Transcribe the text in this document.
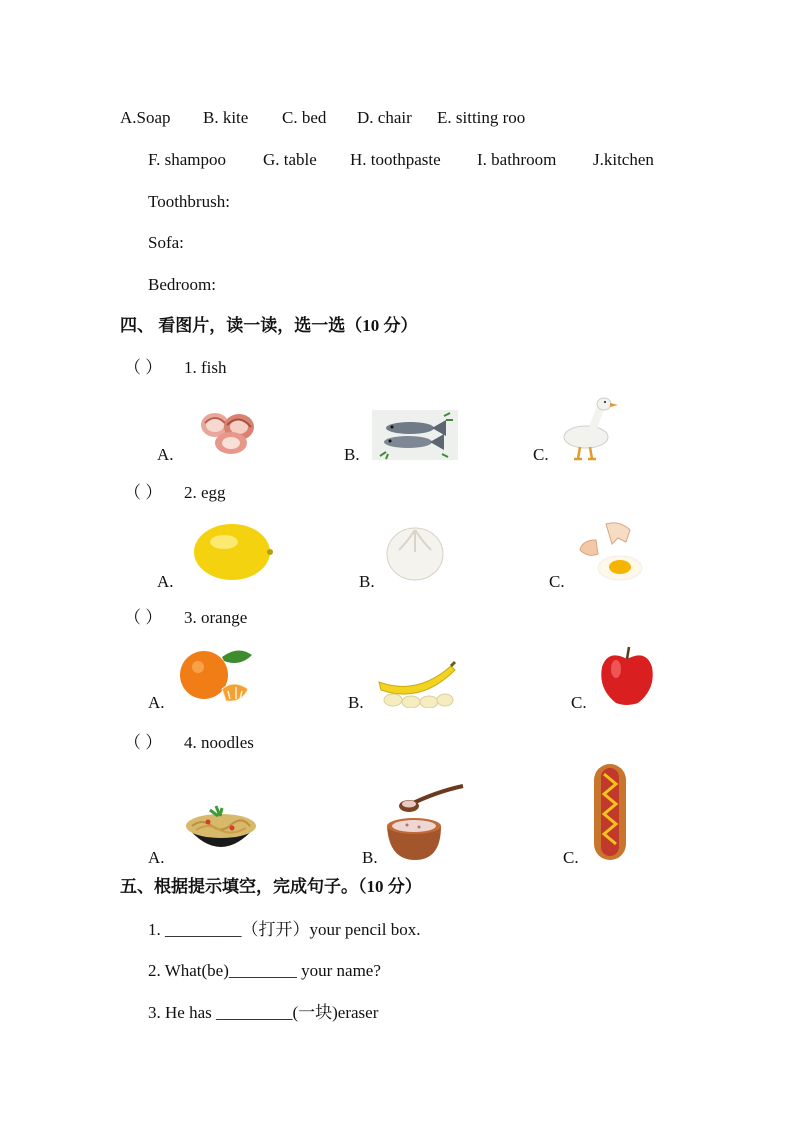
A.Soap B. kite C. bed D. chair E. sitting roo
F. shampoo G. table H. toothpaste I. bathroom J.kitchen
Toothbrush:
Sofa:
Bedroom:
四、 看图片，读一读，选一选（10 分）
（ ） 1. fish
A.	B.	C.
（ ） 2. egg
A.	B.	C.
（ ） 3. orange
A.	B.	C.
（ ） 4. noodles
A.	B.	C.
五、根据提示填空，完成句子。（10 分）
1. _________（打开）your pencil box.
2. What(be)________ your name?
3. He has _________(一块)eraser
